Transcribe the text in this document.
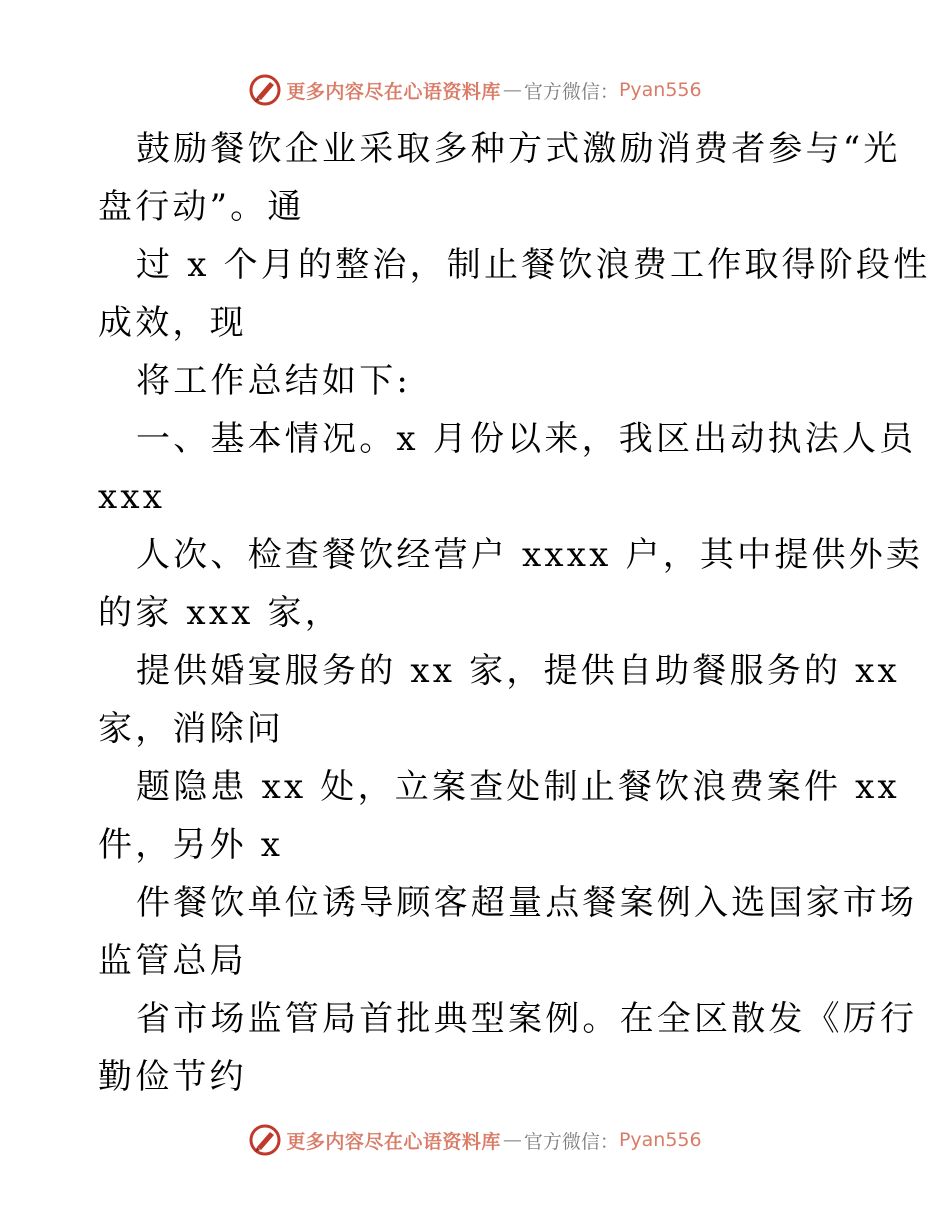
更多内容尽在心语资料库 — 官方微信： Pyan556
鼓励餐饮企业采取多种方式激励消费者参与“光
盘行动”。通
过 x 个月的整治，制止餐饮浪费工作取得阶段性
成效，现
将工作总结如下:
一、基本情况。x 月份以来，我区出动执法人员
xxx
人次、检查餐饮经营户 xxxx 户，其中提供外卖
的家 xxx 家，
提供婚宴服务的 xx 家，提供自助餐服务的 xx
家，消除问
题隐患 xx 处，立案查处制止餐饮浪费案件 xx
件，另外 x
件餐饮单位诱导顾客超量点餐案例入选国家市场
监管总局
省市场监管局首批典型案例。在全区散发《厉行
勤俭节约
更多内容尽在心语资料库 — 官方微信： Pyan556
